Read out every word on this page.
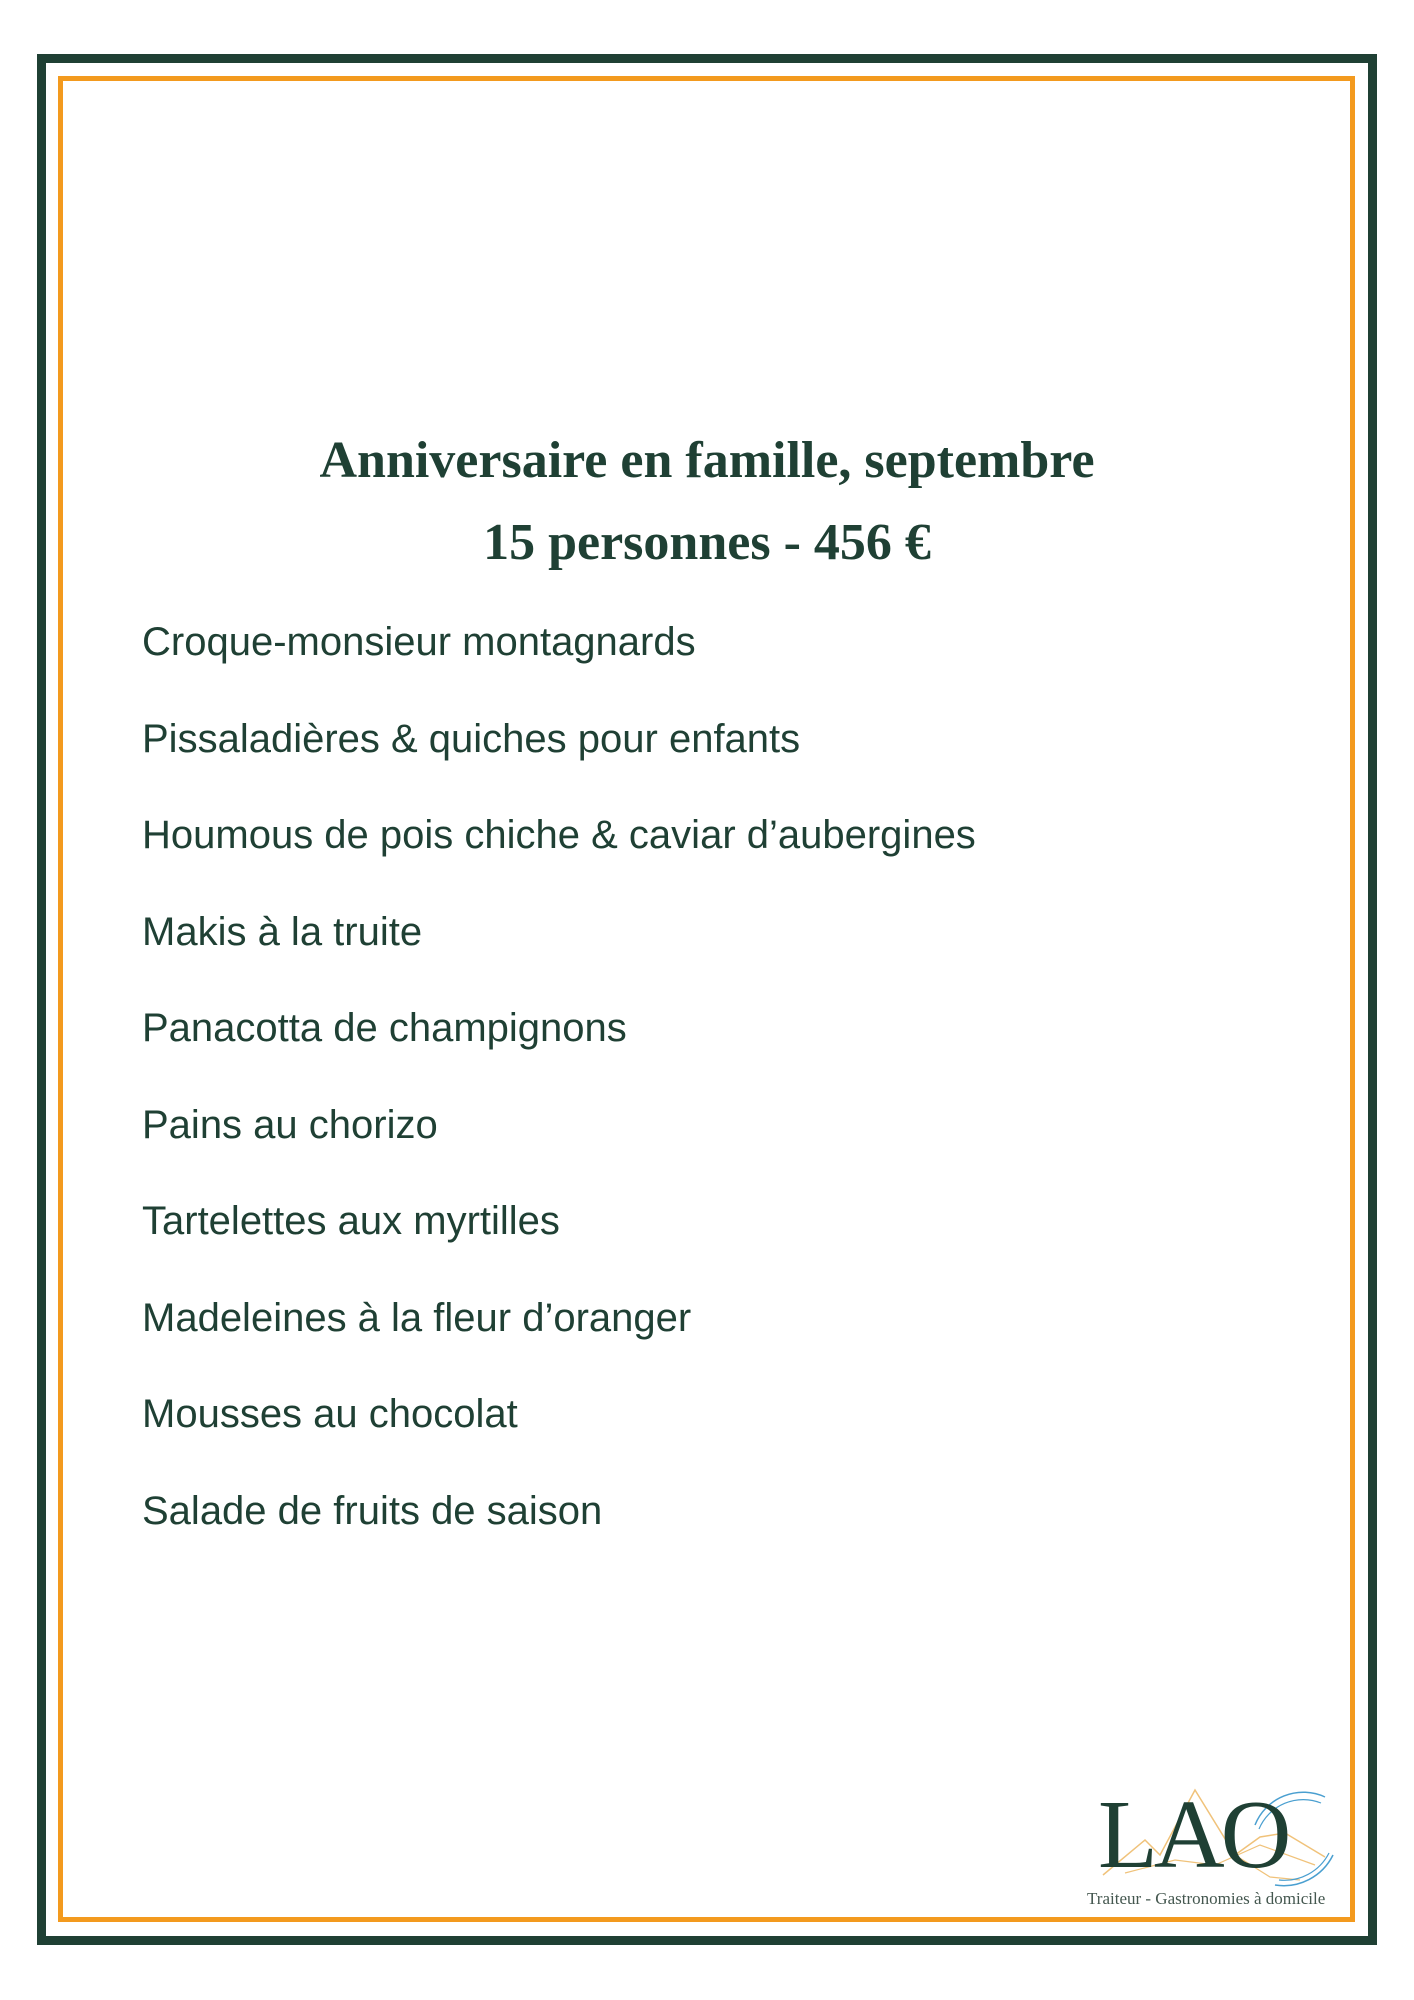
Anniversaire en famille, septembre
15 personnes - 456 €
Croque-monsieur montagnards
Pissaladières & quiches pour enfants
Houmous de pois chiche & caviar d’aubergines
Makis à la truite
Panacotta de champignons
Pains au chorizo
Tartelettes aux myrtilles
Madeleines à la fleur d’oranger
Mousses au chocolat
Salade de fruits de saison
LAO
Traiteur - Gastronomies à domicile
